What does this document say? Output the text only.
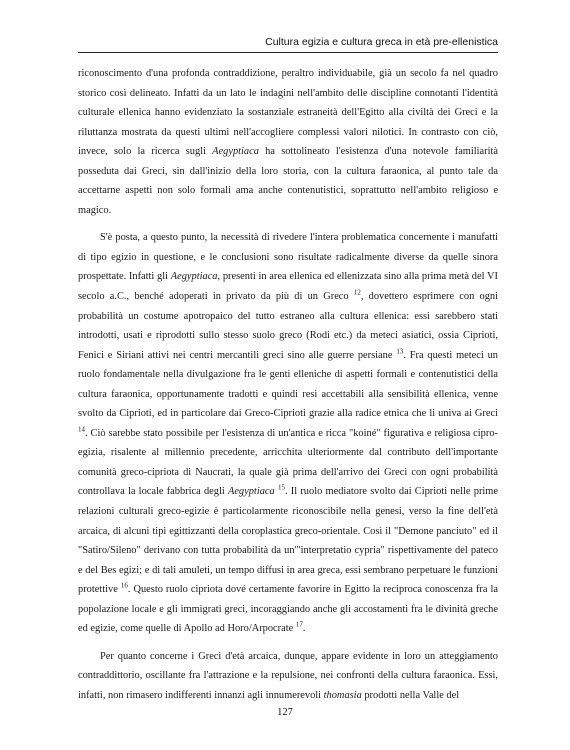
Cultura egizia e cultura greca in età pre-ellenistica

riconoscimento d'una profonda contraddizione, peraltro individuabile, già un secolo fa nel quadro storico così delineato. Infatti da un lato le indagini nell'ambito delle discipline connotanti l'identità culturale ellenica hanno evidenziato la sostanziale estraneità dell'Egitto alla civiltà dei Greci e la riluttanza mostrata da questi ultimi nell'accogliere complessi valori nilotici. In contrasto con ciò, invece, solo la ricerca sugli Aegyptiaca ha sottolineato l'esistenza d'una notevole familiarità posseduta dai Greci, sin dall'inizio della loro storia, con la cultura faraonica, al punto tale da accettarne aspetti non solo formali ama anche contenutistici, soprattutto nell'ambito religioso e magico.

S'è posta, a questo punto, la necessità di rivedere l'intera problematica concernente i manufatti di tipo egizio in questione, e le conclusioni sono risultate radicalmente diverse da quelle sinora prospettate. Infatti gli Aegyptiaca, presenti in area ellenica ed ellenizzata sino alla prima metà del VI secolo a.C., benché adoperati in privato da più di un Greco $^{12}$, dovettero esprimere con ogni probabilità un costume apotropaico del tutto estraneo alla cultura ellenica: essi sarebbero stati introdotti, usati e riprodotti sullo stesso suolo greco (Rodi etc.) da meteci asiatici, ossia Ciprioti, Fenici e Siriani attivi nei centri mercantili greci sino alle guerre persiane $^{13}$. Fra questi meteci un ruolo fondamentale nella divulgazione fra le genti elleniche di aspetti formali e contenutistici della cultura faraonica, opportunamente tradotti e quindi resi accettabili alla sensibilità ellenica, venne svolto da Ciprioti, ed in particolare dai Greco-Ciprioti grazie alla radice etnica che li univa ai Greci $^{14}$. Ciò sarebbe stato possibile per l'esistenza di un'antica e ricca "koiné" figurativa e religiosa cipro-egizia, risalente al millennio precedente, arricchita ulteriormente dal contributo dell'importante comunità greco-cipriota di Naucrati, la quale già prima dell'arrivo dei Greci con ogni probabilità controllava la locale fabbrica degli Aegyptiaca $^{15}$. Il ruolo mediatore svolto dai Ciprioti nelle prime relazioni culturali greco-egizie è particolarmente riconoscibile nella genesi, verso la fine dell'età arcaica, di alcuni tipi egittizzanti della coroplastica greco-orientale. Così il "Demone panciuto" ed il "Satiro/Sileno" derivano con tutta probabilità da un"'interpretatio cypria" rispettivamente del pateco e del Bes egizi; e di tali amuleti, un tempo diffusi in area greca, essi sembrano perpetuare le funzioni protettive $^{16}$. Questo ruolo cipriota dové certamente favorire in Egitto la reciproca conoscenza fra la popolazione locale e gli immigrati greci, incoraggiando anche gli accostamenti fra le divinità greche ed egizie, come quelle di Apollo ad Horo/Arpocrate $^{17}$.

Per quanto concerne i Greci d'età arcaica, dunque, appare evidente in loro un atteggiamento contraddittorio, oscillante fra l'attrazione e la repulsione, nei confronti della cultura faraonica. Essi, infatti, non rimasero indifferenti innanzi agli innumerevoli thomasia prodotti nella Valle del

127
